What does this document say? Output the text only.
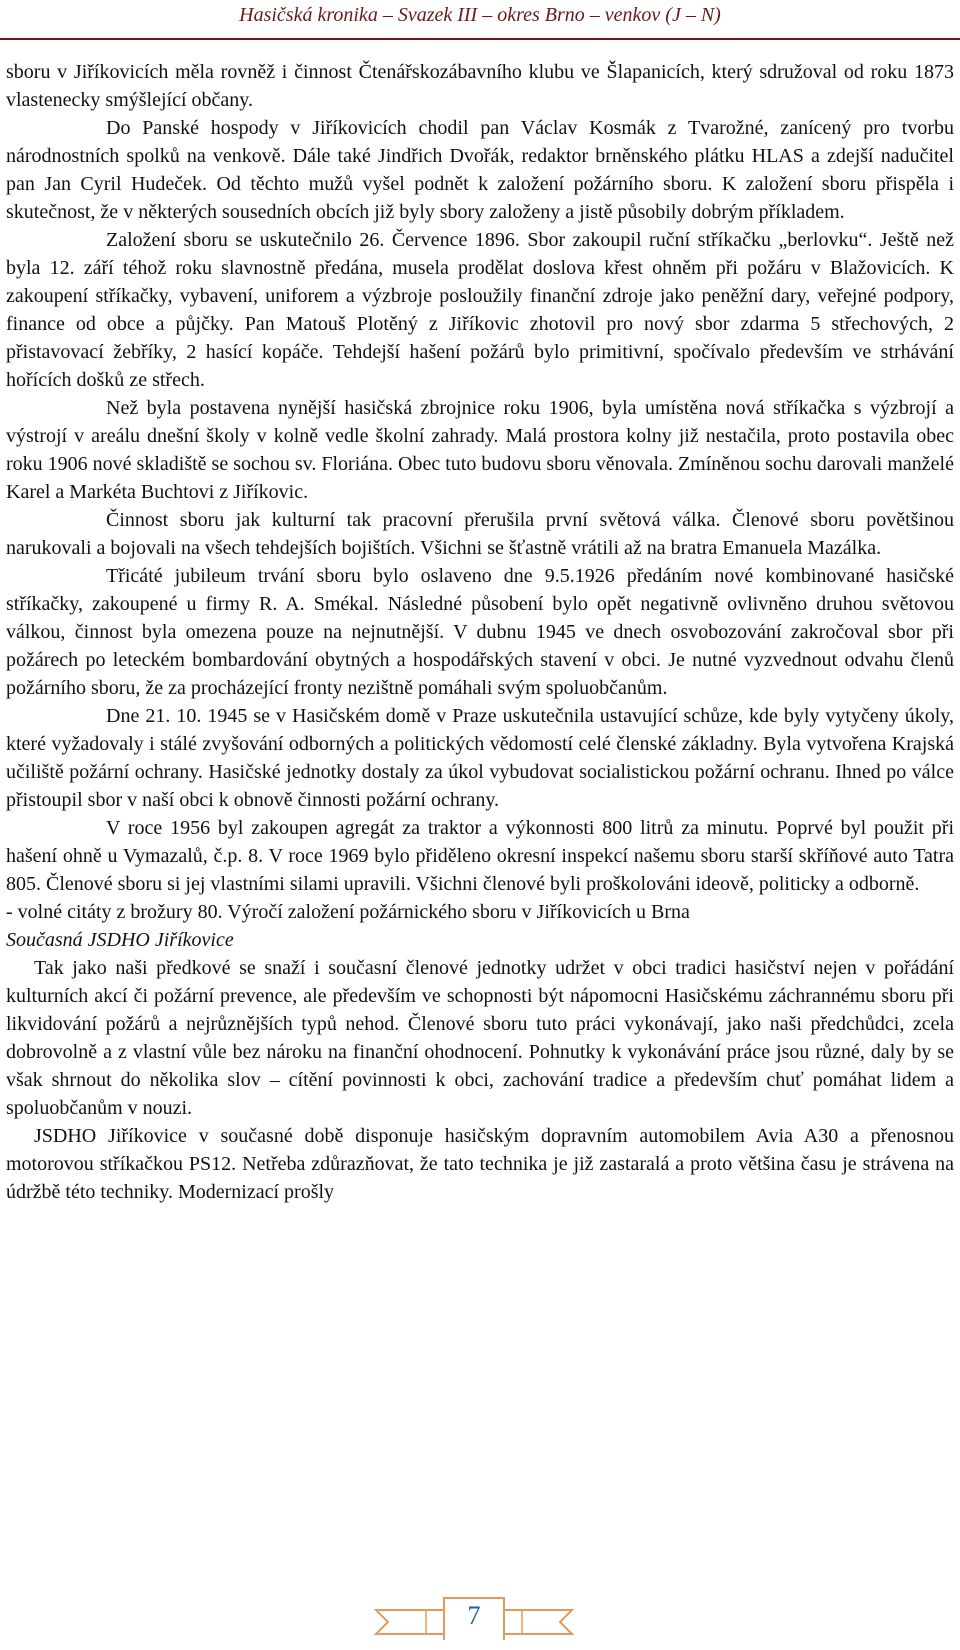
Hasičská kronika – Svazek III – okres Brno – venkov (J – N)

sboru v Jiříkovicích měla rovněž i činnost Čtenářskozábavního klubu ve Šlapanicích, který sdružoval od roku 1873 vlastenecky smýšlející občany.

Do Panské hospody v Jiříkovicích chodil pan Václav Kosmák z Tvarožné, zanícený pro tvorbu národnostních spolků na venkově. Dále také Jindřich Dvořák, redaktor brněnského plátku HLAS a zdejší naduč​itel pan Jan Cyril Hudeček. Od těchto mužů vyšel podnět k založení požárního sboru. K založení sboru přispěla i skutečnost, že v některých sousedních obcích již byly sbory založeny a jistě působily dobrým příkladem.

Založení sboru se uskutečnilo 26. Července 1896. Sbor zakoupil ruční stříkačku „berlovku“. Ještě než byla 12. září téhož roku slavnostně předána, musela prodělat doslova křest ohněm při požáru v Blažovicích. K zakoupení stříkačky, vybavení, uniforem a výzbroje posloužily finanční zdroje jako peněžní dary, veřejné podpory, finance od obce a půjčky. Pan Matouš Plotěný z Jiříkovic zhotovil pro nový sbor zdarma 5 střechových, 2 přistavovací žebříky, 2 hasící kopáče. Tehdejší hašení požárů bylo primitivní, spočívalo především ve strhávání hořících došků ze střech.

Než byla postavena nynější hasičská zbrojnice roku 1906, byla umístěna nová stříkačka s výzbrojí a výstrojí v areálu dnešní školy v kolně vedle školní zahrady. Malá prostora kolny již nestačila, proto postavila obec roku 1906 nové skladiště se sochou sv. Floriána. Obec tuto budovu sboru věnovala. Zmíněnou sochu darovali manželé Karel a Markéta Buchtovi z Jiříkovic.

Činnost sboru jak kulturní tak pracovní přerušila první světová válka. Členové sboru povětšinou narukovali a bojovali na všech tehdejších bojištích. Všichni se šťastně vrátili až na bratra Emanuela Mazálka.

Třicáté jubileum trvání sboru bylo oslaveno dne 9.5.1926 předáním nové kombinované hasičské stříkačky, zakoupené u firmy R. A. Smékal. Následné působení bylo opět negativně ovlivněno druhou světovou válkou, činnost byla omezena pouze na nejnutnější. V dubnu 1945 ve dnech osvobozování zakročoval sbor při požárech po leteckém bombardování obytných a hospodářských stavení v obci. Je nutné vyzvednout odvahu členů požárního sboru, že za procházející fronty nezištně pomáhali svým spoluobčanům.

Dne 21. 10. 1945 se v Hasičském domě v Praze uskutečnila ustavující schůze, kde byly vytyčeny úkoly, které vyžadovaly i stálé zvyšování odborných a politických vědomostí celé členské základny. Byla vytvořena Krajská učiliště požární ochrany. Hasičské jednotky dostaly za úkol vybudovat socialistickou požární ochranu. Ihned po válce přistoupil sbor v naší obci k obnově činnosti požární ochrany.

V roce 1956 byl zakoupen agregát za traktor a výkonnosti 800 litrů za minutu. Poprvé byl použit při hašení ohně u Vymazalů, č.p. 8. V roce 1969 bylo přiděleno okresní inspekcí našemu sboru starší skříňové auto Tatra 805. Členové sboru si jej vlastními silami upravili. Všichni členové byli proškolováni ideově, politicky a odborně.

- volné citáty z brožury 80. Výročí založení požárnického sboru v Jiříkovicích u Brna

Současná JSDHO Jiříkovice

Tak jako naši předkové se snaží i současní členové jednotky udržet v obci tradici hasičství nejen v pořádání kulturních akcí či požární prevence, ale především ve schopnosti být nápomocni Hasičskému záchrannému sboru při likvidování požárů a nejrůznějších typů nehod. Členové sboru tuto práci vykonávají, jako naši předchůdci, zcela dobrovolně a z vlastní vůle bez nároku na finanční ohodnocení. Pohnutky k vykonávání práce jsou různé, daly by se však shrnout do několika slov – cítění povinnosti k obci, zachování tradice a především chuť pomáhat lidem a spoluobčanům v nouzi.

JSDHO Jiříkovice v současné době disponuje hasičským dopravním automobilem Avia A30 a přenosnou motorovou stříkačkou PS12. Netřeba zdůrazňovat, že tato technika je již zastaralá a proto většina času je strávena na údržbě této techniky. Modernizací prošly

7
